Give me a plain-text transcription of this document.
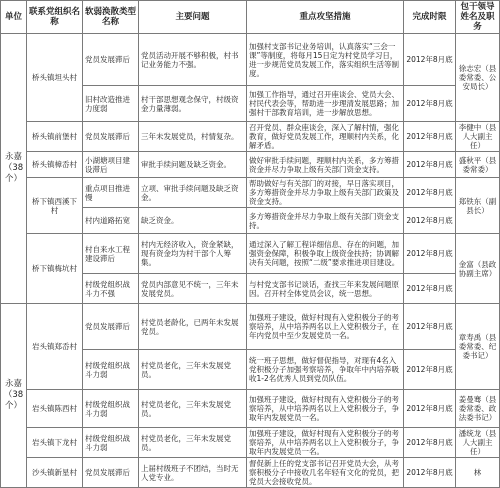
单位	联系党组织名称	软弱涣散类型名称	主要问题	重点攻坚措施	完成时限	包干领导姓名及职务
永嘉（38个）	桥头镇坦头村	党员发展滞后	党员活动开展不够积极，村书记业务能力不强。	加强村支部书记业务培训，认真落实“三会一课”等制度，将每月15日定为村党员学习日，进一步规范党员发展工作，落实组织生活等制度。	2012年8月底	徐志宏（县委常委、公安局长）
		旧村改造推进力度弱	村干部思想观念保守，村级资金力量薄弱。	加强工作指导，通过召开座谈会、党员大会、村民代表会等，帮助进一步理清发展思路；加强村干部教育培训，进一步解放思想。	2012年8月底	
	桥头镇前堡村	党员发展滞后	三年未发展党员，村情复杂。	召开党员、群众座谈会，深入了解村情，强化教育，做好党员发展工作，理顺村内关系，化解矛盾。	2012年8月底	李健中（县人大副主任）
	桥头镇樟岙村	小湖塘项目建设滞后	审批手续问题及缺乏资金。	做好审批手续问题，理顺村内关系，多方筹措资金并尽力争取上级有关部门资金支持。	2012年8月底	盛秋平（县委常委）
	桥下镇西溪下村	重点项目推进慢	立项、审批手续问题及缺乏资金。	帮助做好与有关部门的对接，早日落实项目，多方筹措资金并尽力争取上级有关部门政策及资金支持。	2012年8月底	郑铁东（副县长）
		村内道路拓宽	缺乏资金。	多方筹措资金并尽力争取上级有关部门资金支持。	2012年8月底	
	桥下镇梅坑村	村自来水工程建设滞后	村内无经济收入，资金紧缺，现有资金均为村干部个人筹集。	通过深入了解工程详细信息、存在的问题，加强资金保障，积极争取上级资金扶持；协调解决有关问题，按照“二级”要求推进项目建设。	2012年8月底	金富（县政协副主席）
		村级党组织战斗力不强	党员内部意见不统一，三年未发展党员。	与村党支部书记谈话，查找三年来发展问题原因。召开村全体党员会议，统一思想。	2012年8月底	
永嘉（38个）	岩头镇郑岙村	党员发展滞后	村党员老龄化，已两年未发展党员。	加强班子建设，做好村现有入党积极分子的考察培养，从中培养两名以上入党积极分子，在年内党员中至少发展党员一名。	2012年8月底	章寿禹（县委常委、纪委书记）
		村级党组织战斗力弱	村党员老化，三年未发展党员。	统一班子思想，做好督促指导，对现有4名入党积极分子加强考察培养，争取年中内培养吸收1-2名优秀人员到党员队伍。	2012年8月底	
	岩头镇陈西村	村级党组织战斗力弱	村党员老化，三年未发展党员。	加强班子建设，做好村现有入党积极分子的考察培养，从中培养两名以上入党积极分子，争取年内发展党员一名。	2012年8月底	姜曼骞（县委常委、政法委书记）
	岩头镇下龙村	村级党组织战斗力弱	村党员老化，三年未发展党员。	加强班子建设，做好村现有入党积极分子的考察培养，从中培养两名以上入党积极分子，争取年内发展党员一名。	2012年8月底	潘统龙（县人大副主任）
	沙头镇新星村	党员发展滞后	上届村级班子不团结，当时无人党专业。	督促新上任的党支部书记召开党员大会，从考察积极分子中接收几名年轻有文化的党员，把党员大会接收党员。	2012年8月底	林
